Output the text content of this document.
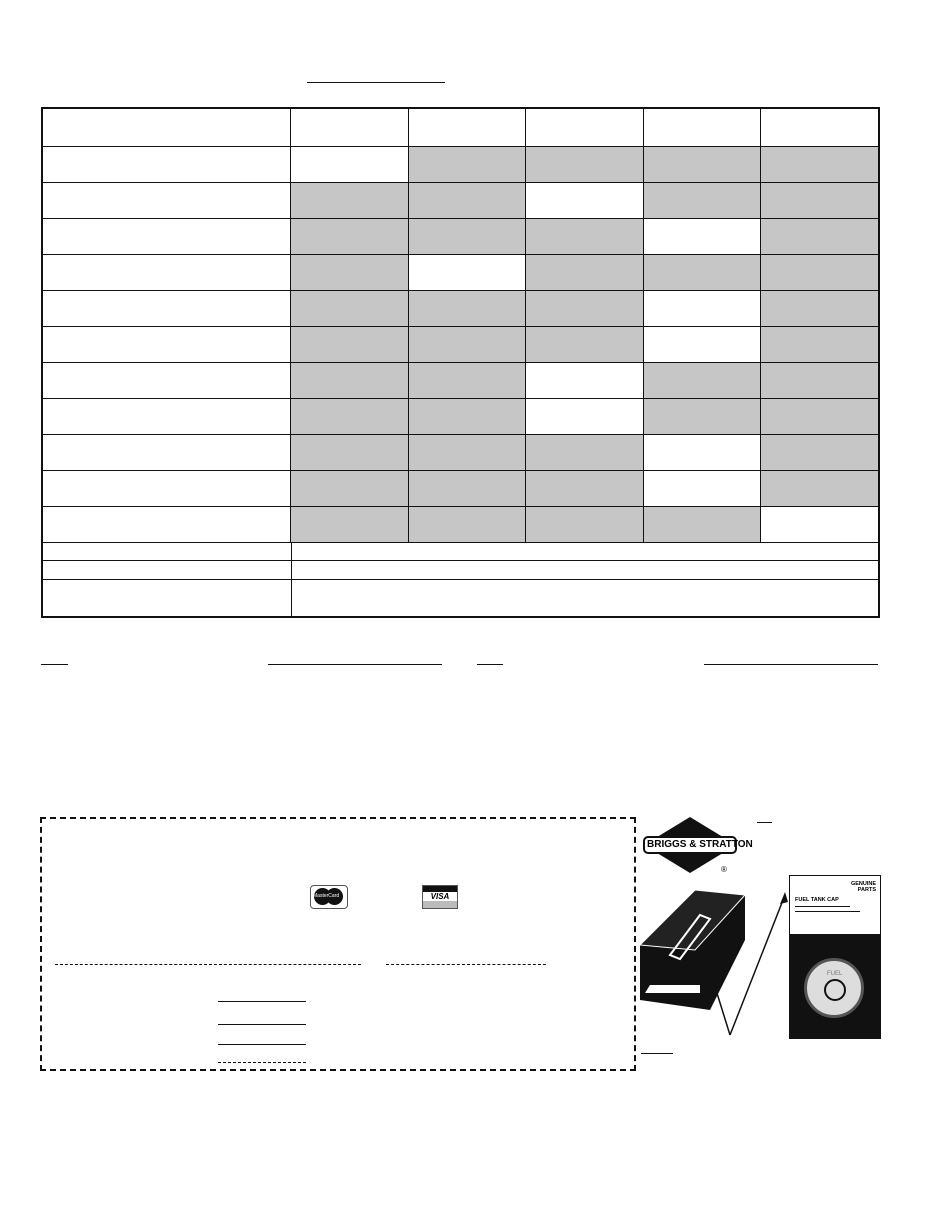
MasterCard	VISA
BRIGGS & STRATTON
®
GENUINE PARTS
FUEL TANK CAP
FUEL
